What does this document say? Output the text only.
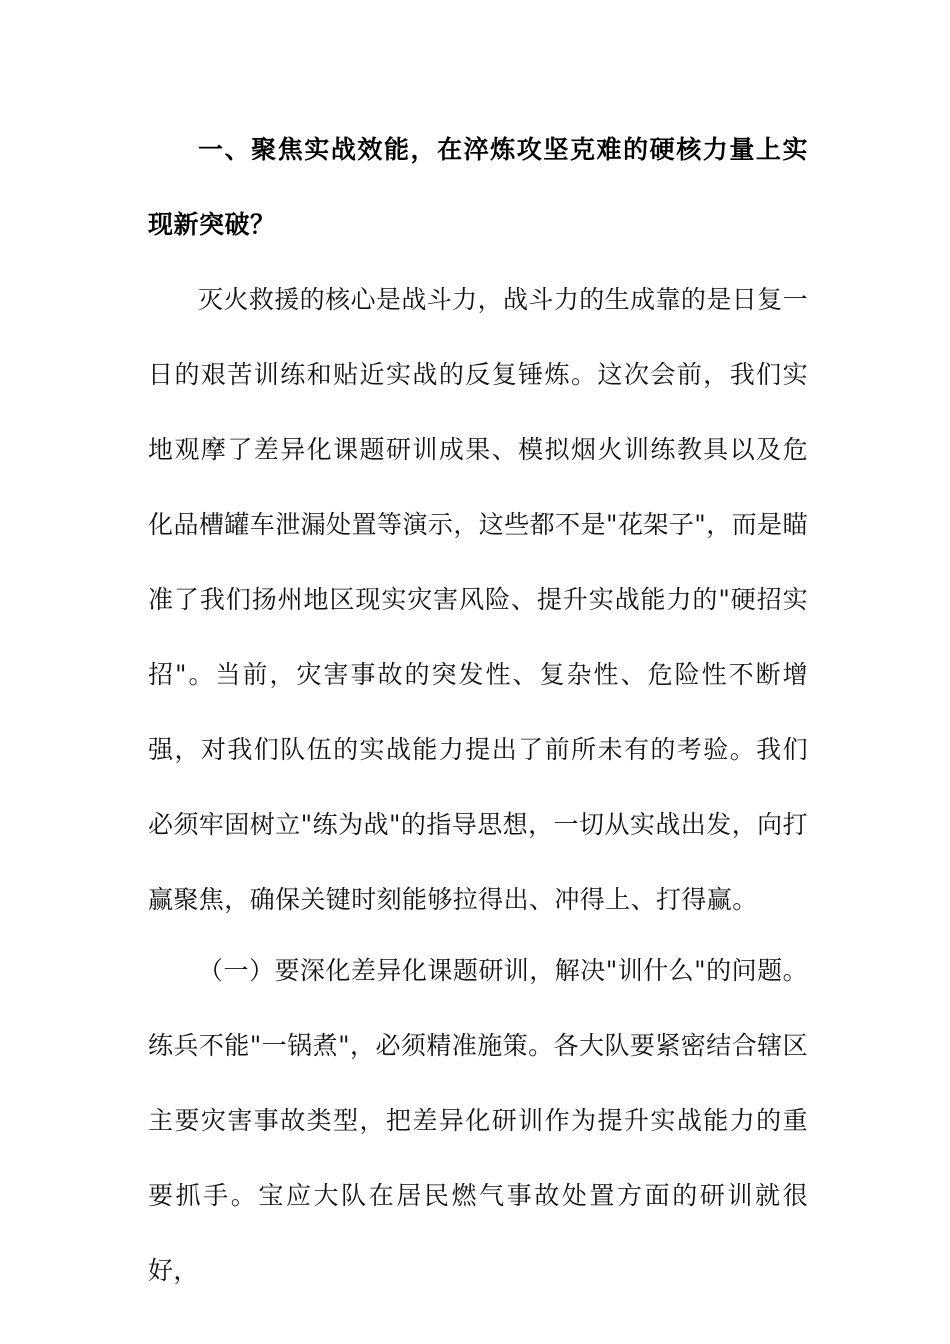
一、聚焦实战效能，在淬炼攻坚克难的硬核力量上实现新突破？
灭火救援的核心是战斗力，战斗力的生成靠的是日复一日的艰苦训练和贴近实战的反复锤炼。这次会前，我们实地观摩了差异化课题研训成果、模拟烟火训练教具以及危化品槽罐车泄漏处置等演示，这些都不是"花架子"，而是瞄准了我们扬州地区现实灾害风险、提升实战能力的"硬招实招"。当前，灾害事故的突发性、复杂性、危险性不断增强，对我们队伍的实战能力提出了前所未有的考验。我们必须牢固树立"练为战"的指导思想，一切从实战出发，向打赢聚焦，确保关键时刻能够拉得出、冲得上、打得赢。
（一）要深化差异化课题研训，解决"训什么"的问题。练兵不能"一锅煮"，必须精准施策。各大队要紧密结合辖区主要灾害事故类型，把差异化研训作为提升实战能力的重要抓手。宝应大队在居民燃气事故处置方面的研训就很好，
